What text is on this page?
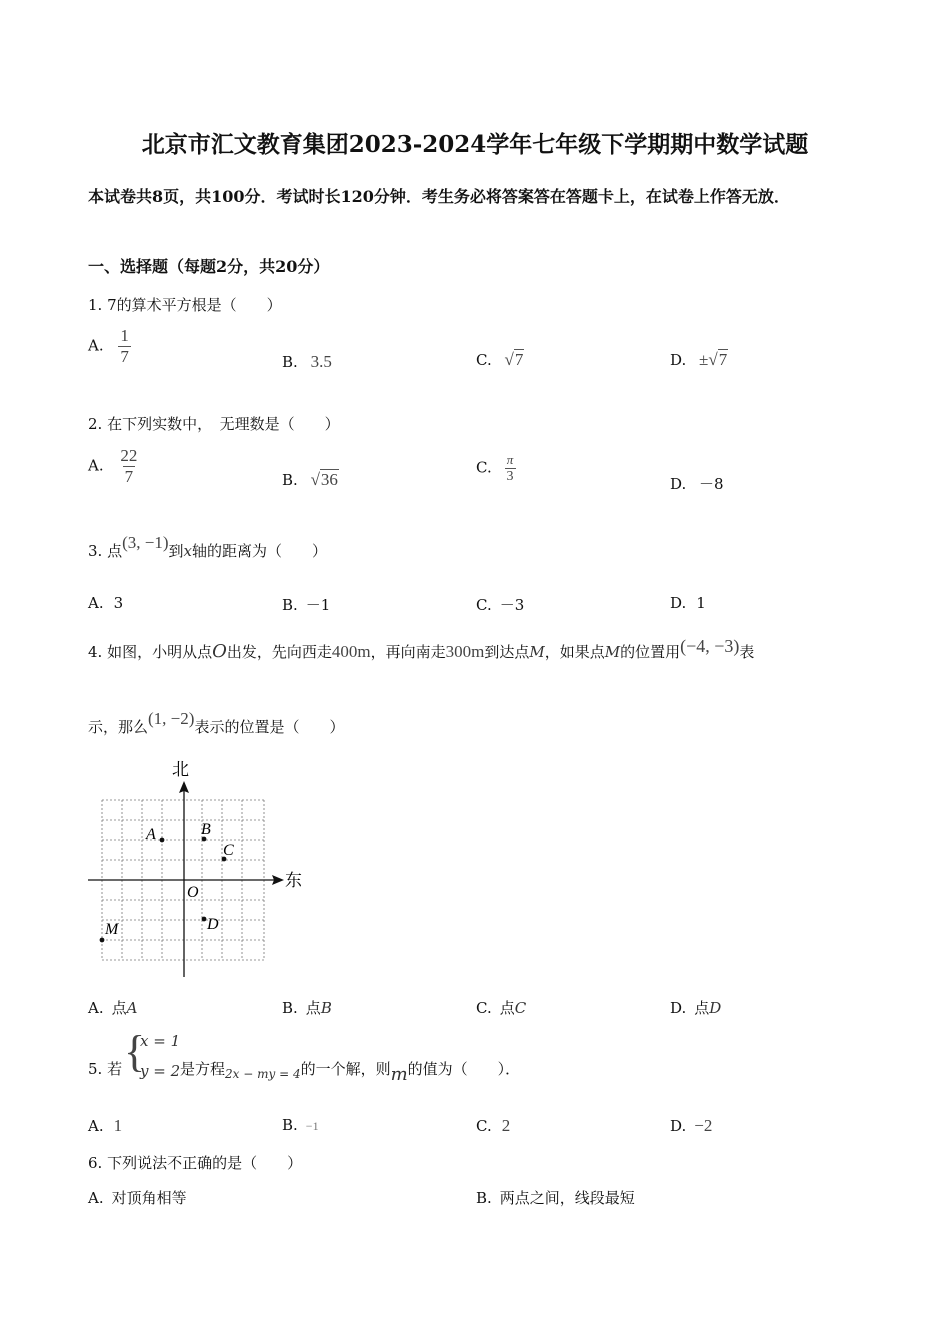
北京市汇文教育集团2023-2024学年七年级下学期期中数学试题
本试卷共8页，共100分．考试时长120分钟．考生务必将答案答在答题卡上，在试卷上作答无放．
一、选择题（每题2分，共20分）
1. 7的算术平方根是（　　）
A. $\frac{1}{7}$	B. 3.5	C. √7	D. ±√7
2. 在下列实数中，　无理数是（　　）
A. $\frac{22}{7}$	B. √36
C. $\frac{\pi}{3}$	D. －8
3. 点(3, −1)到x轴的距离为（　　）
A. 3	B. －1	C. －3	D. 1
4. 如图，小明从点O出发，先向西走400m，再向南走300m到达点M，如果点M的位置用(−4, −3)表
示，那么(1, −2)表示的位置是（　　）
北
东
A	B
C
D
O
M
A. 点A	B. 点B	C. 点C	D. 点D
5. 若 {
x = 1
y = 2 是方程$_{2x - my = 4}$的一个解，则m的值为（　　）．
A. 1	B. −1	C. 2	D. −2
6. 下列说法不正确的是（　　）
A. 对顶角相等	B. 两点之间，线段最短
